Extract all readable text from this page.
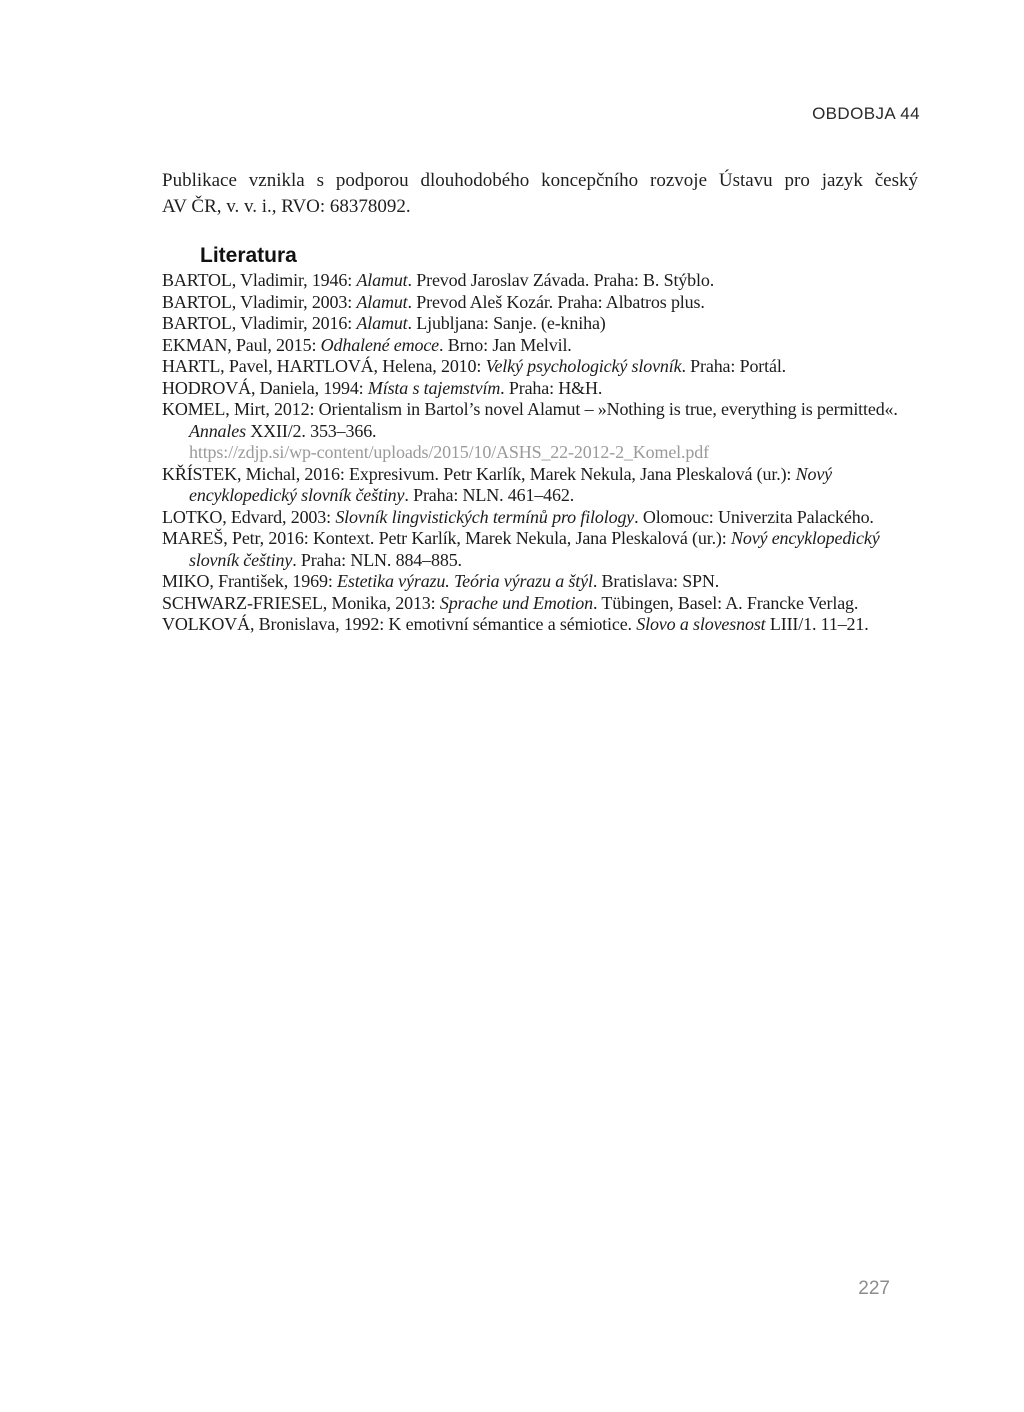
OBDOBJA 44
Publikace vznikla s podporou dlouhodobého koncepčního rozvoje Ústavu pro jazyk český
AV ČR, v. v. i., RVO: 68378092.
Literatura
BARTOL, Vladimir, 1946: Alamut. Prevod Jaroslav Závada. Praha: B. Stýblo.
BARTOL, Vladimir, 2003: Alamut. Prevod Aleš Kozár. Praha: Albatros plus.
BARTOL, Vladimir, 2016: Alamut. Ljubljana: Sanje. (e-kniha)
EKMAN, Paul, 2015: Odhalené emoce. Brno: Jan Melvil.
HARTL, Pavel, HARTLOVÁ, Helena, 2010: Velký psychologický slovník. Praha: Portál.
HODROVÁ, Daniela, 1994: Místa s tajemstvím. Praha: H&H.
KOMEL, Mirt, 2012: Orientalism in Bartol’s novel Alamut – »Nothing is true, everything is permitted«. Annales XXII/2. 353–366.
https://zdjp.si/wp-content/uploads/2015/10/ASHS_22-2012-2_Komel.pdf
KŘÍSTEK, Michal, 2016: Expresivum. Petr Karlík, Marek Nekula, Jana Pleskalová (ur.): Nový encyklopedický slovník češtiny. Praha: NLN. 461–462.
LOTKO, Edvard, 2003: Slovník lingvistických termínů pro filology. Olomouc: Univerzita Palackého.
MAREŠ, Petr, 2016: Kontext. Petr Karlík, Marek Nekula, Jana Pleskalová (ur.): Nový encyklopedický slovník češtiny. Praha: NLN. 884–885.
MIKO, František, 1969: Estetika výrazu. Teória výrazu a štýl. Bratislava: SPN.
SCHWARZ-FRIESEL, Monika, 2013: Sprache und Emotion. Tübingen, Basel: A. Francke Verlag.
VOLKOVÁ, Bronislava, 1992: K emotivní sémantice a sémiotice. Slovo a slovesnost LIII/1. 11–21.
227
